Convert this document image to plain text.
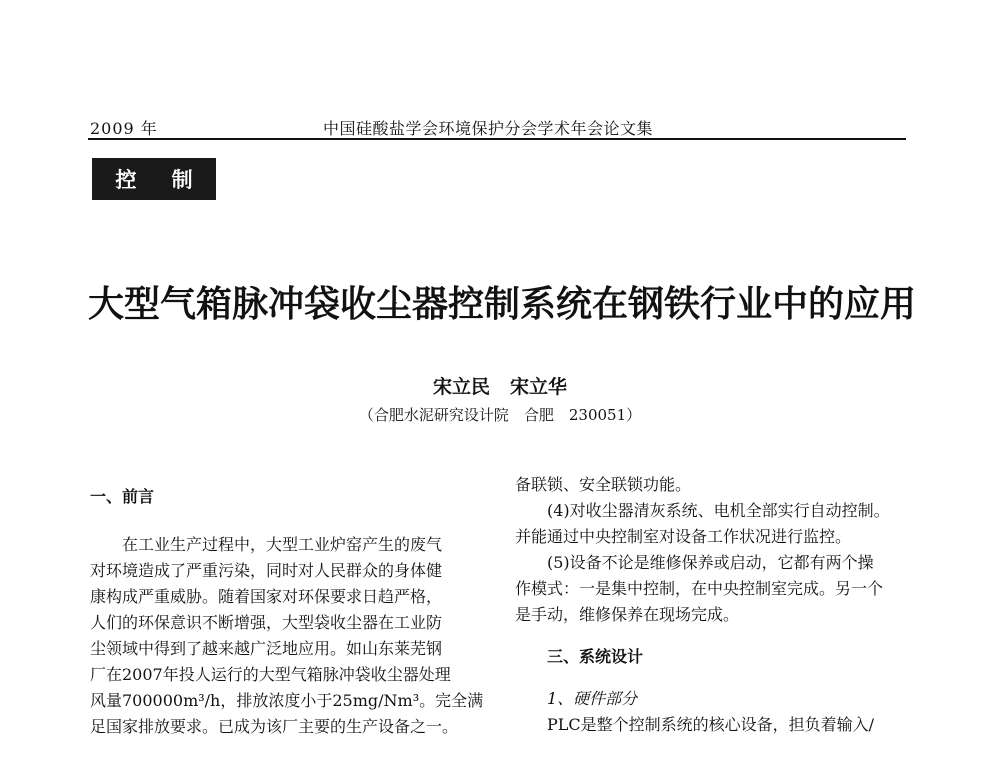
2009 年	中国硅酸盐学会环境保护分会学术年会论文集
控 制
大型气箱脉冲袋收尘器控制系统在钢铁行业中的应用
宋立民 宋立华
（合肥水泥研究设计院　合肥　230051）

一、前言

在工业生产过程中，大型工业炉窑产生的废气

对环境造成了严重污染，同时对人民群众的身体健

康构成严重威胁。随着国家对环保要求日趋严格，

人们的环保意识不断增强，大型袋收尘器在工业防

尘领域中得到了越来越广泛地应用。如山东莱芜钢

厂在2007年投人运行的大型气箱脉冲袋收尘器处理

风量700000m³/h，排放浓度小于25mg/Nm³。完全满

足国家排放要求。已成为该厂主要的生产设备之一。

备联锁、安全联锁功能。

(4)对收尘器清灰系统、电机全部实行自动控制。

并能通过中央控制室对设备工作状况进行监控。

(5)设备不论是维修保养或启动，它都有两个操

作模式：一是集中控制，在中央控制室完成。另一个

是手动，维修保养在现场完成。

三、系统设计

1、硬件部分

PLC是整个控制系统的核心设备，担负着输入/
